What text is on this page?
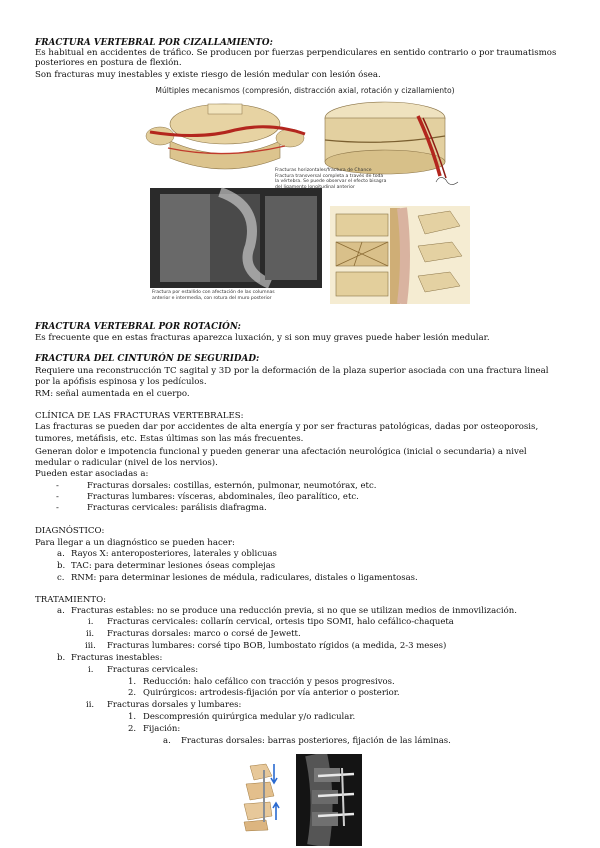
FRACTURA VERTEBRAL POR CIZALLAMIENTO:
Es habitual en accidentes de tráfico. Se producen por fuerzas perpendiculares en sentido contrario o por traumatismos
posteriores en postura de flexión.
Son fracturas muy inestables y existe riesgo de lesión medular con lesión ósea.
Múltiples mecanismos (compresión, distracción axial, rotación y cizallamiento)
Fracturas horizontales/fractura de Chance
Fractura transversal completa a través de toda
la vértebra. Se puede observar el efecto bisagra
del ligamento longitudinal anterior
Fractura por estallido con afectación de las columnas
anterior e intermedia, con rotura del muro posterior
FRACTURA VERTEBRAL POR ROTACIÓN:
Es frecuente que en estas fracturas aparezca luxación, y si son muy graves puede haber lesión medular.
FRACTURA DEL CINTURÓN DE SEGURIDAD:
Requiere una reconstrucción TC sagital y 3D por la deformación de la plaza superior asociada con una fractura lineal
por la apófisis espinosa y los pedículos.
RM: señal aumentada en el cuerpo.
CLÍNICA DE LAS FRACTURAS VERTEBRALES:
Las fracturas se pueden dar por accidentes de alta energía y por ser fracturas patológicas, dadas por osteoporosis,
tumores, metáfisis, etc. Estas últimas son las más frecuentes.
Generan dolor e impotencia funcional y pueden generar una afectación neurológica (inicial o secundaria) a nivel
medular o radicular (nivel de los nervios).
Pueden estar asociadas a:
-	Fracturas dorsales: costillas, esternón, pulmonar, neumotórax, etc.
-	Fracturas lumbares: vísceras, abdominales, íleo paralítico, etc.
-	Fracturas cervicales: parálisis diafragma.
DIAGNÓSTICO:
Para llegar a un diagnóstico se pueden hacer:
a. Rayos X: anteroposteriores, laterales y oblicuas
b. TAC: para determinar lesiones óseas complejas
c. RNM: para determinar lesiones de médula, radiculares, distales o ligamentosas.
TRATAMIENTO:
a. Fracturas estables: no se produce una reducción previa, si no que se utilizan medios de inmovilización.
i. Fracturas cervicales: collarín cervical, ortesis tipo SOMI, halo cefálico-chaqueta
ii. Fracturas dorsales: marco o corsé de Jewett.
iii. Fracturas lumbares: corsé tipo BOB, lumbostato rígidos (a medida, 2-3 meses)
b. Fracturas inestables:
i. Fracturas cervicales:
1. Reducción: halo cefálico con tracción y pesos progresivos.
2. Quirúrgicos: artrodesis-fijación por vía anterior o posterior.
ii. Fracturas dorsales y lumbares:
1. Descompresión quirúrgica medular y/o radicular.
2. Fijación:
a. Fracturas dorsales: barras posteriores, fijación de las láminas.
